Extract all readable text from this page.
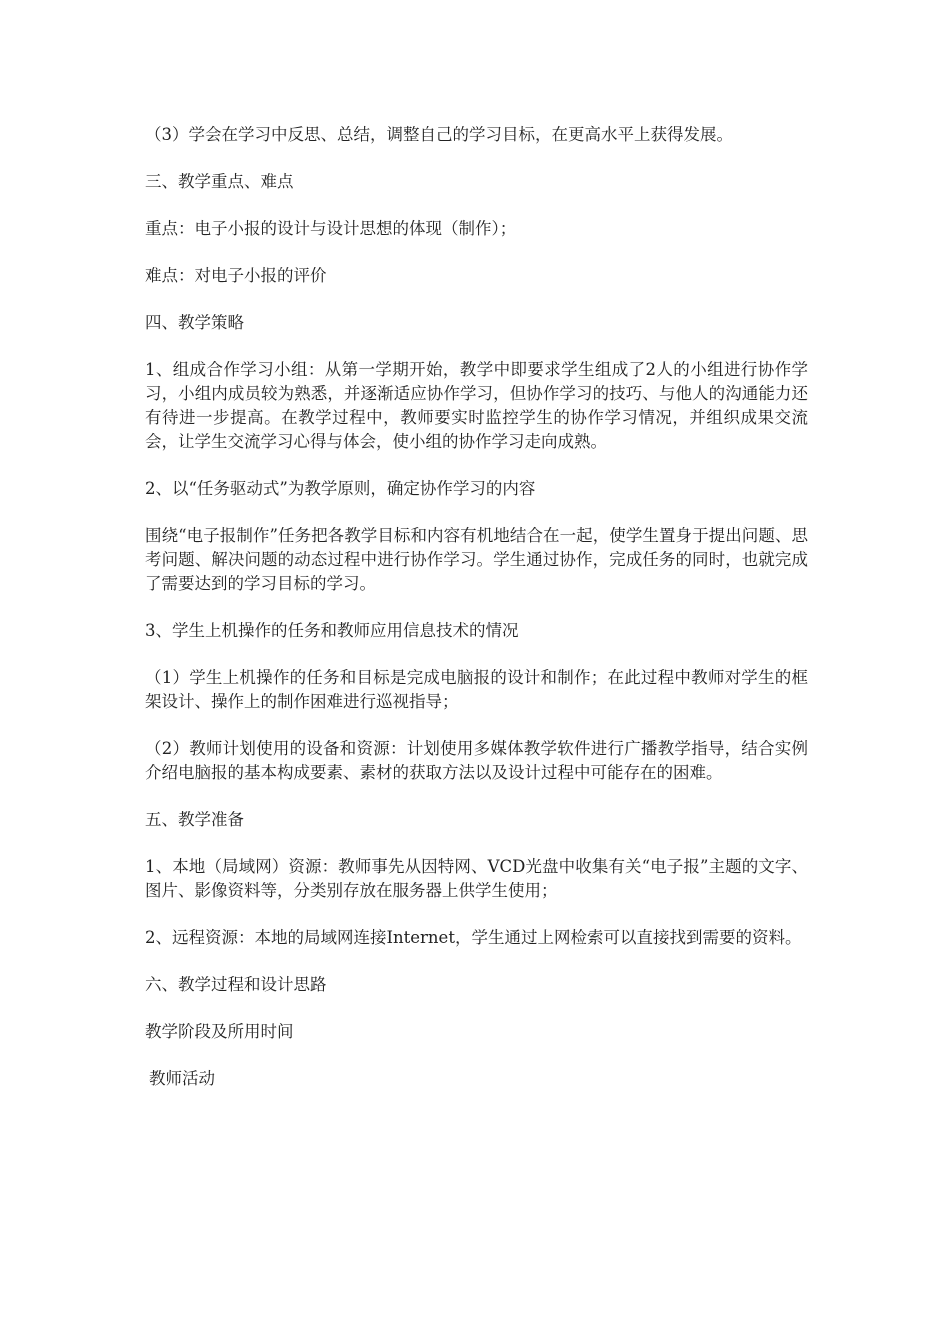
（3）学会在学习中反思、总结，调整自己的学习目标，在更高水平上获得发展。

三、教学重点、难点

重点：电子小报的设计与设计思想的体现（制作）；

难点：对电子小报的评价

四、教学策略

1、组成合作学习小组：从第一学期开始，教学中即要求学生组成了2人的小组进行协作学习，小组内成员较为熟悉，并逐渐适应协作学习，但协作学习的技巧、与他人的沟通能力还有待进一步提高。在教学过程中，教师要实时监控学生的协作学习情况，并组织成果交流会，让学生交流学习心得与体会，使小组的协作学习走向成熟。

2、以“任务驱动式”为教学原则，确定协作学习的内容

围绕“电子报制作”任务把各教学目标和内容有机地结合在一起，使学生置身于提出问题、思考问题、解决问题的动态过程中进行协作学习。学生通过协作，完成任务的同时，也就完成了需要达到的学习目标的学习。

3、学生上机操作的任务和教师应用信息技术的情况

（1）学生上机操作的任务和目标是完成电脑报的设计和制作；在此过程中教师对学生的框架设计、操作上的制作困难进行巡视指导；

（2）教师计划使用的设备和资源：计划使用多媒体教学软件进行广播教学指导，结合实例介绍电脑报的基本构成要素、素材的获取方法以及设计过程中可能存在的困难。

五、教学准备

1、本地（局域网）资源：教师事先从因特网、VCD光盘中收集有关“电子报”主题的文字、图片、影像资料等，分类别存放在服务器上供学生使用；

2、远程资源：本地的局域网连接Internet，学生通过上网检索可以直接找到需要的资料。

六、教学过程和设计思路

教学阶段及所用时间

教师活动
